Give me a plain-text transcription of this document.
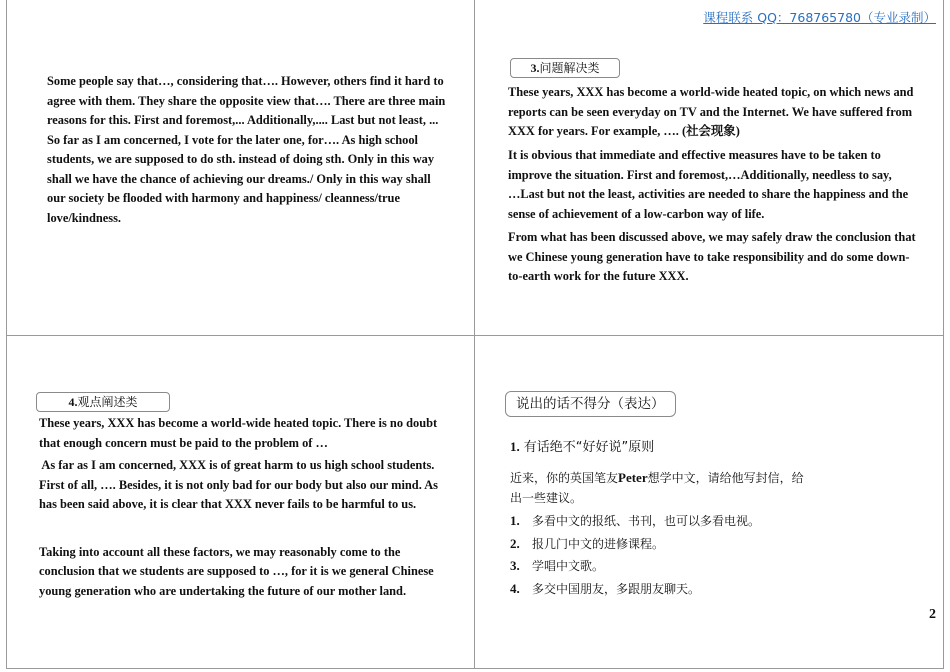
课程联系 QQ：768765780（专业录制）

Some people say that…, considering that…. However, others find it hard to

agree with them. They share the opposite view that…. There are three main

reasons for this. First and foremost,... Additionally,.... Last but not least, ...

So far as I am concerned, I vote for the later one, for…. As high school

students, we are supposed to do sth. instead of doing sth. Only in this way

shall we have the chance of achieving our dreams./ Only in this way shall

our society be flooded with harmony and happiness/ cleanness/true

love/kindness.

3.问题解决类

These years, XXX has become a world-wide heated topic, on which news and

reports can be seen everyday on TV and the Internet. We have suffered from

XXX for years. For example, …. (社会现象)

It is obvious that immediate and effective measures have to be taken to

improve the situation. First and foremost,…Additionally, needless to say,

…Last but not the least, activities are needed to share the happiness and the

sense of achievement of a low-carbon way of life.

From what has been discussed above, we may safely draw the conclusion that

we Chinese young generation have to take responsibility and do some down-

to-earth work for the future XXX.

4.观点阐述类

These years, XXX has become a world-wide heated topic. There is no doubt

that enough concern must be paid to the problem of …

As far as I am concerned, XXX is of great harm to us high school students.

First of all, …. Besides, it is not only bad for our body but also our mind. As

has been said above, it is clear that XXX never fails to be harmful to us.

Taking into account all these factors, we may reasonably come to the

conclusion that we students are supposed to …, for it is we general Chinese

young generation who are undertaking the future of our mother land.

说出的话不得分（表达）
1. 有话绝不“好好说”原则
近来，你的英国笔友Peter想学中文，请给他写封信，给
出一些建议。
1. 多看中文的报纸、书刊，也可以多看电视。
2. 报几门中文的进修课程。
3. 学唱中文歌。
4. 多交中国朋友，多跟朋友聊天。
2
